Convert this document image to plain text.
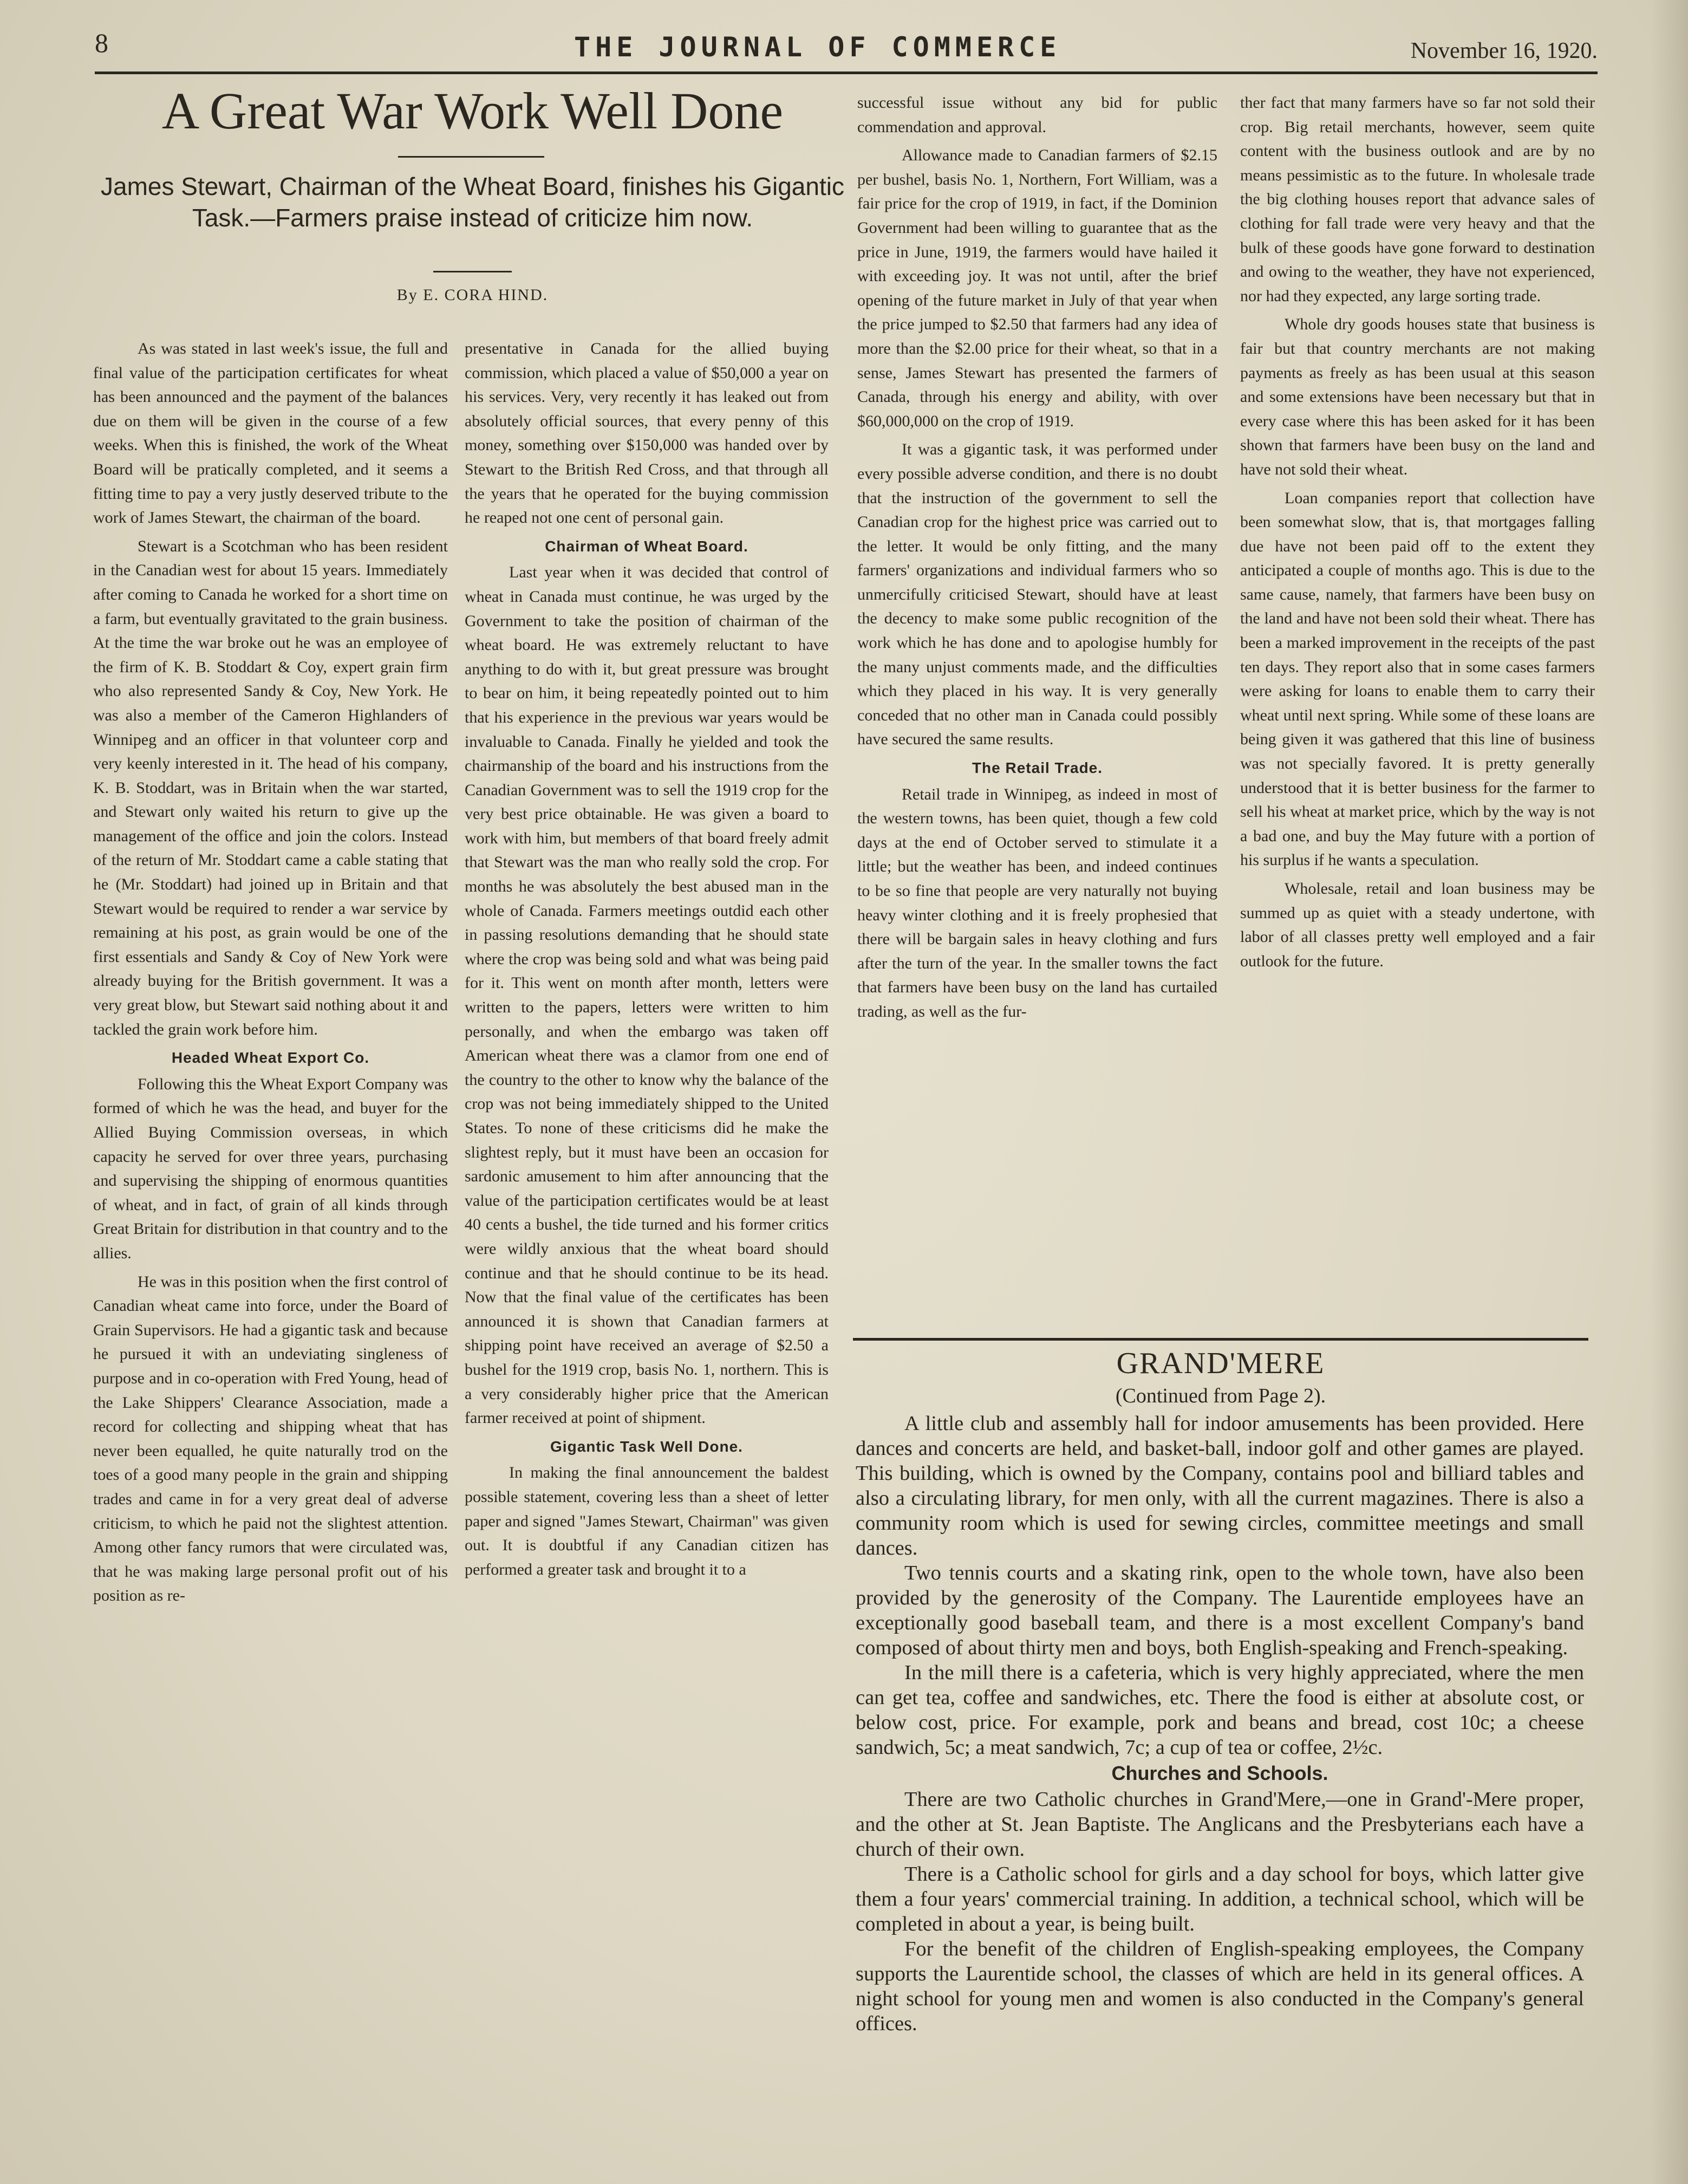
8	THE JOURNAL OF COMMERCE	November 16, 1920.
A Great War Work Well Done
James Stewart, Chairman of the Wheat Board, finishes his Gigantic Task.—Farmers praise instead of criticize him now.
By E. CORA HIND.

As was stated in last week's issue, the full and final value of the participation certificates for wheat has been announced and the payment of the balances due on them will be given in the course of a few weeks. When this is finished, the work of the Wheat Board will be pratically completed, and it seems a fitting time to pay a very justly deserved tribute to the work of James Stewart, the chairman of the board.

Stewart is a Scotchman who has been resident in the Canadian west for about 15 years. Immediately after coming to Canada he worked for a short time on a farm, but eventually gravitated to the grain business. At the time the war broke out he was an employee of the firm of K. B. Stoddart & Coy, expert grain firm who also represented Sandy & Coy, New York. He was also a member of the Cameron Highlanders of Winnipeg and an officer in that volunteer corp and very keenly interested in it. The head of his company, K. B. Stoddart, was in Britain when the war started, and Stewart only waited his return to give up the management of the office and join the colors. Instead of the return of Mr. Stoddart came a cable stating that he (Mr. Stoddart) had joined up in Britain and that Stewart would be required to render a war service by remaining at his post, as grain would be one of the first essentials and Sandy & Coy of New York were already buying for the British government. It was a very great blow, but Stewart said nothing about it and tackled the grain work before him.

Headed Wheat Export Co.

Following this the Wheat Export Company was formed of which he was the head, and buyer for the Allied Buying Commission overseas, in which capacity he served for over three years, purchasing and supervising the shipping of enormous quantities of wheat, and in fact, of grain of all kinds through Great Britain for distribution in that country and to the allies.

He was in this position when the first control of Canadian wheat came into force, under the Board of Grain Supervisors. He had a gigantic task and because he pursued it with an undeviating singleness of purpose and in co-operation with Fred Young, head of the Lake Shippers' Clearance Association, made a record for collecting and shipping wheat that has never been equalled, he quite naturally trod on the toes of a good many people in the grain and shipping trades and came in for a very great deal of adverse criticism, to which he paid not the slightest attention. Among other fancy rumors that were circulated was, that he was making large personal profit out of his position as re-

presentative in Canada for the allied buying commission, which placed a value of $50,000 a year on his services. Very, very recently it has leaked out from absolutely official sources, that every penny of this money, something over $150,000 was handed over by Stewart to the British Red Cross, and that through all the years that he operated for the buying commission he reaped not one cent of personal gain.

Chairman of Wheat Board.

Last year when it was decided that control of wheat in Canada must continue, he was urged by the Government to take the position of chairman of the wheat board. He was extremely reluctant to have anything to do with it, but great pressure was brought to bear on him, it being repeatedly pointed out to him that his experience in the previous war years would be invaluable to Canada. Finally he yielded and took the chairmanship of the board and his instructions from the Canadian Government was to sell the 1919 crop for the very best price obtainable. He was given a board to work with him, but members of that board freely admit that Stewart was the man who really sold the crop. For months he was absolutely the best abused man in the whole of Canada. Farmers meetings outdid each other in passing resolutions demanding that he should state where the crop was being sold and what was being paid for it. This went on month after month, letters were written to the papers, letters were written to him personally, and when the embargo was taken off American wheat there was a clamor from one end of the country to the other to know why the balance of the crop was not being immediately shipped to the United States. To none of these criticisms did he make the slightest reply, but it must have been an occasion for sardonic amusement to him after announcing that the value of the participation certificates would be at least 40 cents a bushel, the tide turned and his former critics were wildly anxious that the wheat board should continue and that he should continue to be its head. Now that the final value of the certificates has been announced it is shown that Canadian farmers at shipping point have received an average of $2.50 a bushel for the 1919 crop, basis No. 1, northern. This is a very considerably higher price that the American farmer received at point of shipment.

Gigantic Task Well Done.

In making the final announcement the baldest possible statement, covering less than a sheet of letter paper and signed "James Stewart, Chairman" was given out. It is doubtful if any Canadian citizen has performed a greater task and brought it to a

successful issue without any bid for public commendation and approval.

Allowance made to Canadian farmers of $2.15 per bushel, basis No. 1, Northern, Fort William, was a fair price for the crop of 1919, in fact, if the Dominion Government had been willing to guarantee that as the price in June, 1919, the farmers would have hailed it with exceeding joy. It was not until, after the brief opening of the future market in July of that year when the price jumped to $2.50 that farmers had any idea of more than the $2.00 price for their wheat, so that in a sense, James Stewart has presented the farmers of Canada, through his energy and ability, with over $60,000,000 on the crop of 1919.

It was a gigantic task, it was performed under every possible adverse condition, and there is no doubt that the instruction of the government to sell the Canadian crop for the highest price was carried out to the letter. It would be only fitting, and the many farmers' organizations and individual farmers who so unmercifully criticised Stewart, should have at least the decency to make some public recognition of the work which he has done and to apologise humbly for the many unjust comments made, and the difficulties which they placed in his way. It is very generally conceded that no other man in Canada could possibly have secured the same results.

The Retail Trade.

Retail trade in Winnipeg, as indeed in most of the western towns, has been quiet, though a few cold days at the end of October served to stimulate it a little; but the weather has been, and indeed continues to be so fine that people are very naturally not buying heavy winter clothing and it is freely prophesied that there will be bargain sales in heavy clothing and furs after the turn of the year. In the smaller towns the fact that farmers have been busy on the land has curtailed trading, as well as the fur-

ther fact that many farmers have so far not sold their crop. Big retail merchants, however, seem quite content with the business outlook and are by no means pessimistic as to the future. In wholesale trade the big clothing houses report that advance sales of clothing for fall trade were very heavy and that the bulk of these goods have gone forward to destination and owing to the weather, they have not experienced, nor had they expected, any large sorting trade.

Whole dry goods houses state that business is fair but that country merchants are not making payments as freely as has been usual at this season and some extensions have been necessary but that in every case where this has been asked for it has been shown that farmers have been busy on the land and have not sold their wheat.

Loan companies report that collection have been somewhat slow, that is, that mortgages falling due have not been paid off to the extent they anticipated a couple of months ago. This is due to the same cause, namely, that farmers have been busy on the land and have not been sold their wheat. There has been a marked improvement in the receipts of the past ten days. They report also that in some cases farmers were asking for loans to enable them to carry their wheat until next spring. While some of these loans are being given it was gathered that this line of business was not specially favored. It is pretty generally understood that it is better business for the farmer to sell his wheat at market price, which by the way is not a bad one, and buy the May future with a portion of his surplus if he wants a speculation.

Wholesale, retail and loan business may be summed up as quiet with a steady undertone, with labor of all classes pretty well employed and a fair outlook for the future.

GRAND'MERE
(Continued from Page 2).

A little club and assembly hall for indoor amusements has been provided. Here dances and concerts are held, and basket-ball, indoor golf and other games are played. This building, which is owned by the Company, contains pool and billiard tables and also a circulating library, for men only, with all the current magazines. There is also a community room which is used for sewing circles, committee meetings and small dances.

Two tennis courts and a skating rink, open to the whole town, have also been provided by the generosity of the Company. The Laurentide employees have an exceptionally good baseball team, and there is a most excellent Company's band composed of about thirty men and boys, both English-speaking and French-speaking.

In the mill there is a cafeteria, which is very highly appreciated, where the men can get tea, coffee and sandwiches, etc. There the food is either at absolute cost, or below cost, price. For example, pork and beans and bread, cost 10c; a cheese sandwich, 5c; a meat sandwich, 7c; a cup of tea or coffee, 2½c.

Churches and Schools.

There are two Catholic churches in Grand'Mere,—one in Grand'-Mere proper, and the other at St. Jean Baptiste. The Anglicans and the Presbyterians each have a church of their own.

There is a Catholic school for girls and a day school for boys, which latter give them a four years' commercial training. In addition, a technical school, which will be completed in about a year, is being built.

For the benefit of the children of English-speaking employees, the Company supports the Laurentide school, the classes of which are held in its general offices. A night school for young men and women is also conducted in the Company's general offices.
